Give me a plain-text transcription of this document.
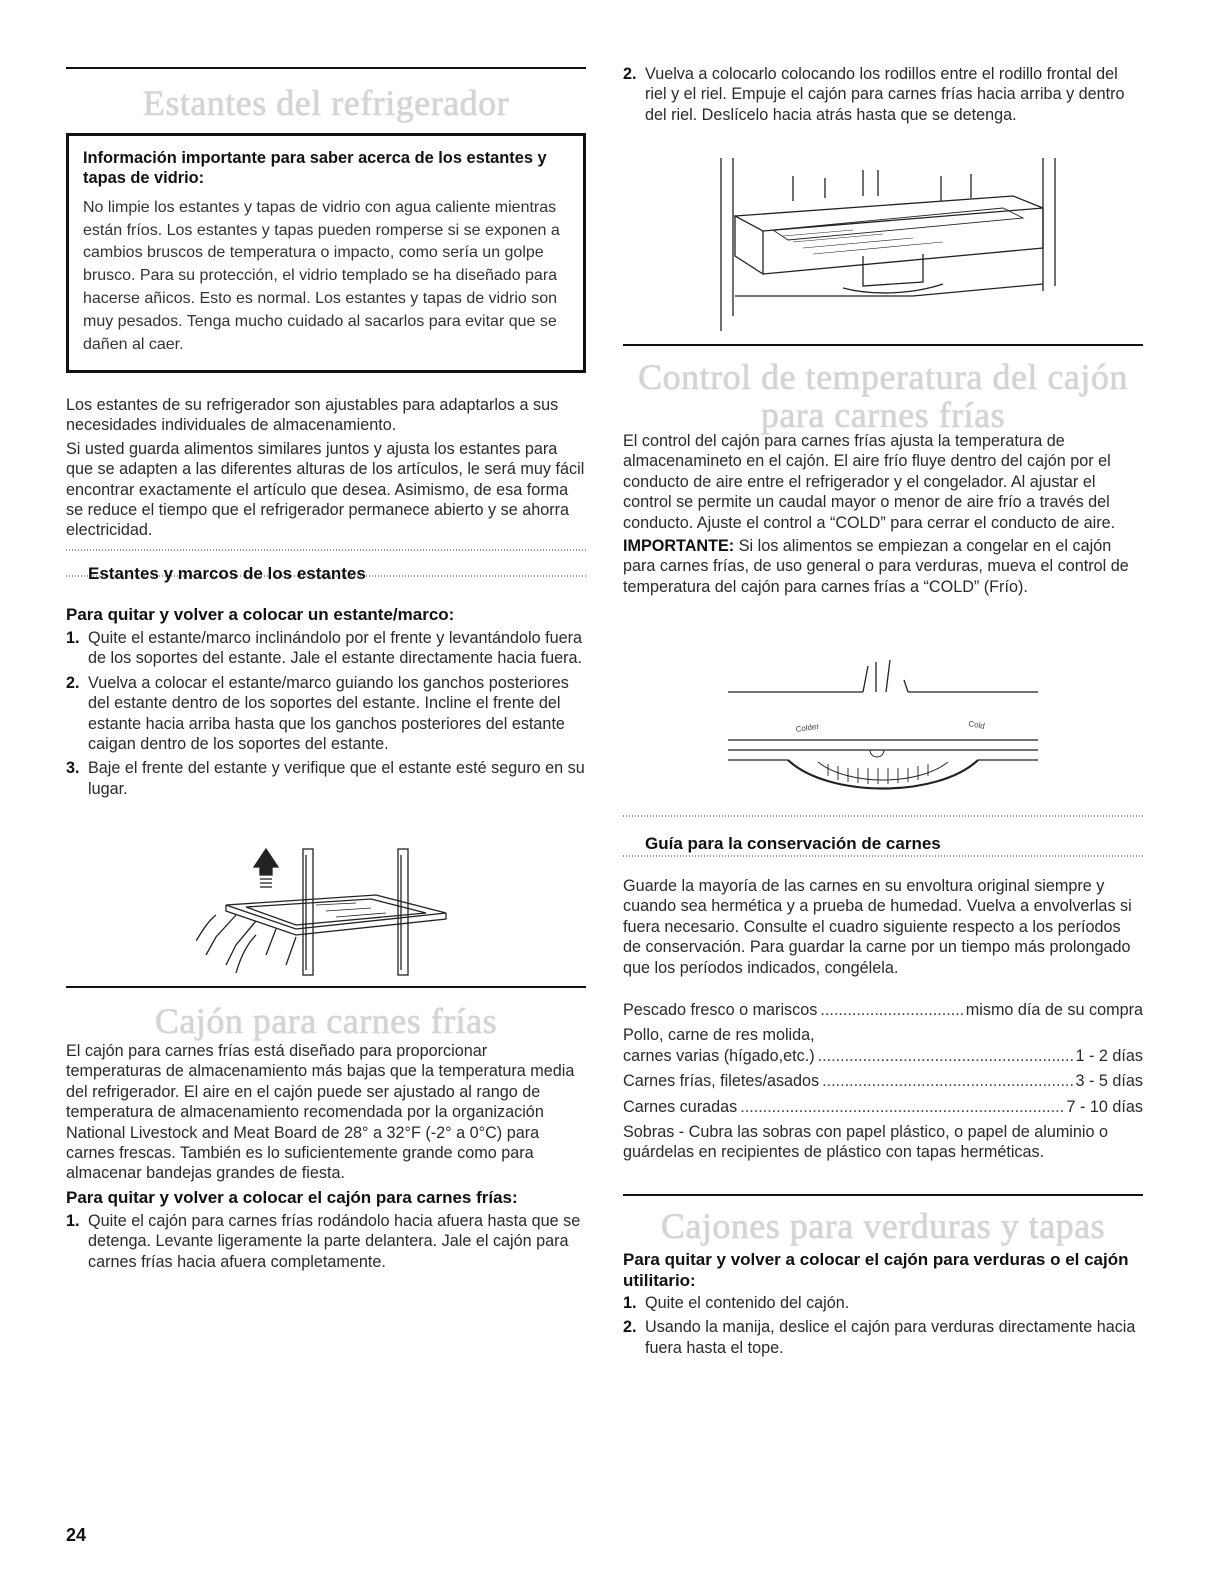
Estantes del refrigerador
Información importante para saber acerca de los estantes y tapas de vidrio:
No limpie los estantes y tapas de vidrio con agua caliente mientras están fríos. Los estantes y tapas pueden romperse si se exponen a cambios bruscos de temperatura o impacto, como sería un golpe brusco. Para su protección, el vidrio templado se ha diseñado para hacerse añicos. Esto es normal. Los estantes y tapas de vidrio son muy pesados. Tenga mucho cuidado al sacarlos para evitar que se dañen al caer.

Los estantes de su refrigerador son ajustables para adaptarlos a sus necesidades individuales de almacenamiento.

Si usted guarda alimentos similares juntos y ajusta los estantes para que se adapten a las diferentes alturas de los artículos, le será muy fácil encontrar exactamente el artículo que desea. Asimismo, de esa forma se reduce el tiempo que el refrigerador permanece abierto y se ahorra electricidad.

Estantes y marcos de los estantes
Para quitar y volver a colocar un estante/marco:
1. Quite el estante/marco inclinándolo por el frente y levantándolo fuera de los soportes del estante. Jale el estante directamente hacia fuera.
2. Vuelva a colocar el estante/marco guiando los ganchos posteriores del estante dentro de los soportes del estante. Incline el frente del estante hacia arriba hasta que los ganchos posteriores del estante caigan dentro de los soportes del estante.
3. Baje el frente del estante y verifique que el estante esté seguro en su lugar.
Cajón para carnes frías
El cajón para carnes frías está diseñado para proporcionar temperaturas de almacenamiento más bajas que la temperatura media del refrigerador. El aire en el cajón puede ser ajustado al rango de temperatura de almacenamiento recomendada por la organización National Livestock and Meat Board de 28° a 32°F (-2° a 0°C) para carnes frescas. También es lo suficientemente grande como para almacenar bandejas grandes de fiesta.
Para quitar y volver a colocar el cajón para carnes frías:
1. Quite el cajón para carnes frías rodándolo hacia afuera hasta que se detenga. Levante ligeramente la parte delantera. Jale el cajón para carnes frías hacia afuera completamente.
2. Vuelva a colocarlo colocando los rodillos entre el rodillo frontal del riel y el riel. Empuje el cajón para carnes frías hacia arriba y dentro del riel. Deslícelo hacia atrás hasta que se detenga.
Control de temperatura del cajón para carnes frías

El control del cajón para carnes frías ajusta la temperatura de almacenamineto en el cajón. El aire frío fluye dentro del cajón por el conducto de aire entre el refrigerador y el congelador. Al ajustar el control se permite un caudal mayor o menor de aire frío a través del conducto. Ajuste el control a “COLD” para cerrar el conducto de aire.

IMPORTANTE: Si los alimentos se empiezan a congelar en el cajón para carnes frías, de uso general o para verduras, mueva el control de temperatura del cajón para carnes frías a “COLD” (Frío).

Colder	Cold
Guía para la conservación de carnes
Guarde la mayoría de las carnes en su envoltura original siempre y cuando sea hermética y a prueba de humedad. Vuelva a envolverlas si fuera necesario. Consulte el cuadro siguiente respecto a los períodos de conservación. Para guardar la carne por un tiempo más prolongado que los períodos indicados, congélela.
Pescado fresco o mariscos .....	mismo día de su compra
Pollo, carne de res molida,
carnes varias (hígado,etc.) .....	1 - 2 días
Carnes frías, filetes/asados .....	3 - 5 días
Carnes curadas .....	7 - 10 días
Sobras - Cubra las sobras con papel plástico, o papel de aluminio o guárdelas en recipientes de plástico con tapas herméticas.
Cajones para verduras y tapas
Para quitar y volver a colocar el cajón para verduras o el cajón utilitario:
1. Quite el contenido del cajón.
2. Usando la manija, deslice el cajón para verduras directamente hacia fuera hasta el tope.
24
